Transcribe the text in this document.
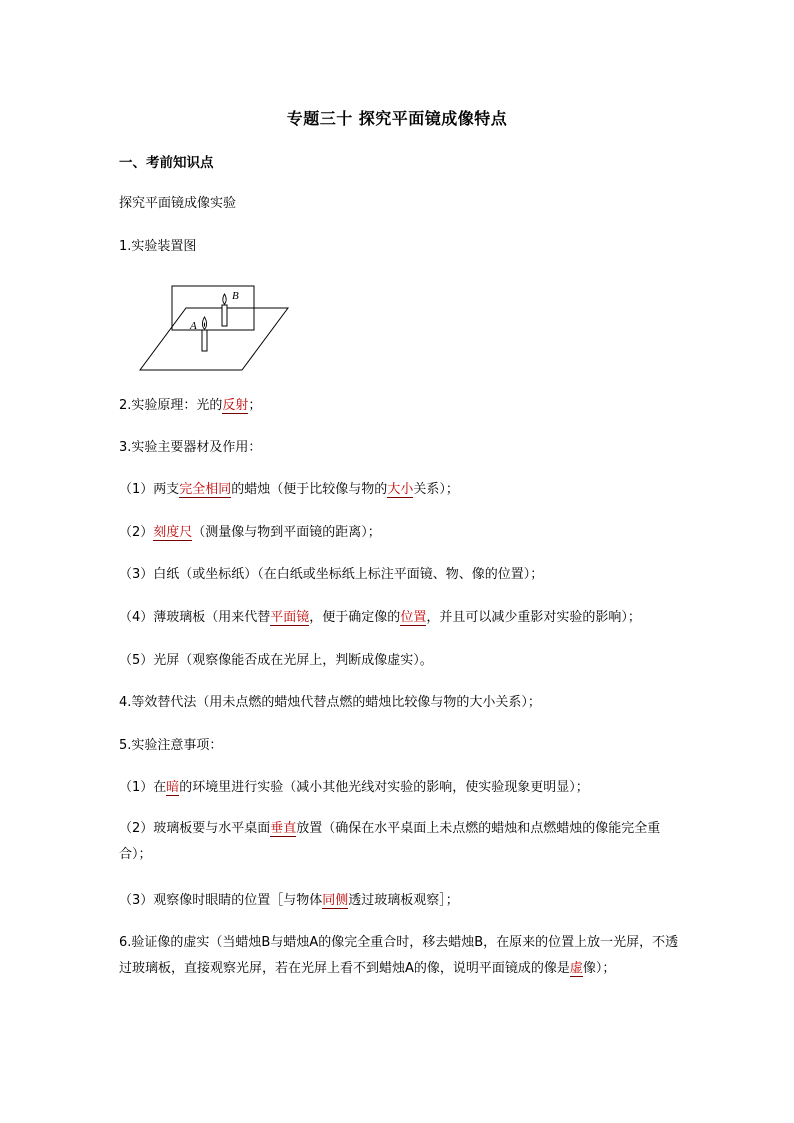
专题三十 探究平面镜成像特点
一、考前知识点
探究平面镜成像实验
1.实验装置图
B
A
2.实验原理：光的反射；
3.实验主要器材及作用：
（1）两支完全相同的蜡烛（便于比较像与物的大小关系）；
（2）刻度尺（测量像与物到平面镜的距离）；
（3）白纸（或坐标纸）（在白纸或坐标纸上标注平面镜、物、像的位置）；
（4）薄玻璃板（用来代替平面镜，便于确定像的位置，并且可以减少重影对实验的影响）；
（5）光屏（观察像能否成在光屏上，判断成像虚实）。
4.等效替代法（用未点燃的蜡烛代替点燃的蜡烛比较像与物的大小关系）；
5.实验注意事项：
（1）在暗的环境里进行实验（减小其他光线对实验的影响，使实验现象更明显）；
（2）玻璃板要与水平桌面垂直放置（确保在水平桌面上未点燃的蜡烛和点燃蜡烛的像能完全重合）；
（3）观察像时眼睛的位置［与物体同侧透过玻璃板观察］；
6.验证像的虚实（当蜡烛B与蜡烛A的像完全重合时，移去蜡烛B，在原来的位置上放一光屏，不透过玻璃板，直接观察光屏，若在光屏上看不到蜡烛A的像，说明平面镜成的像是虚像）；
